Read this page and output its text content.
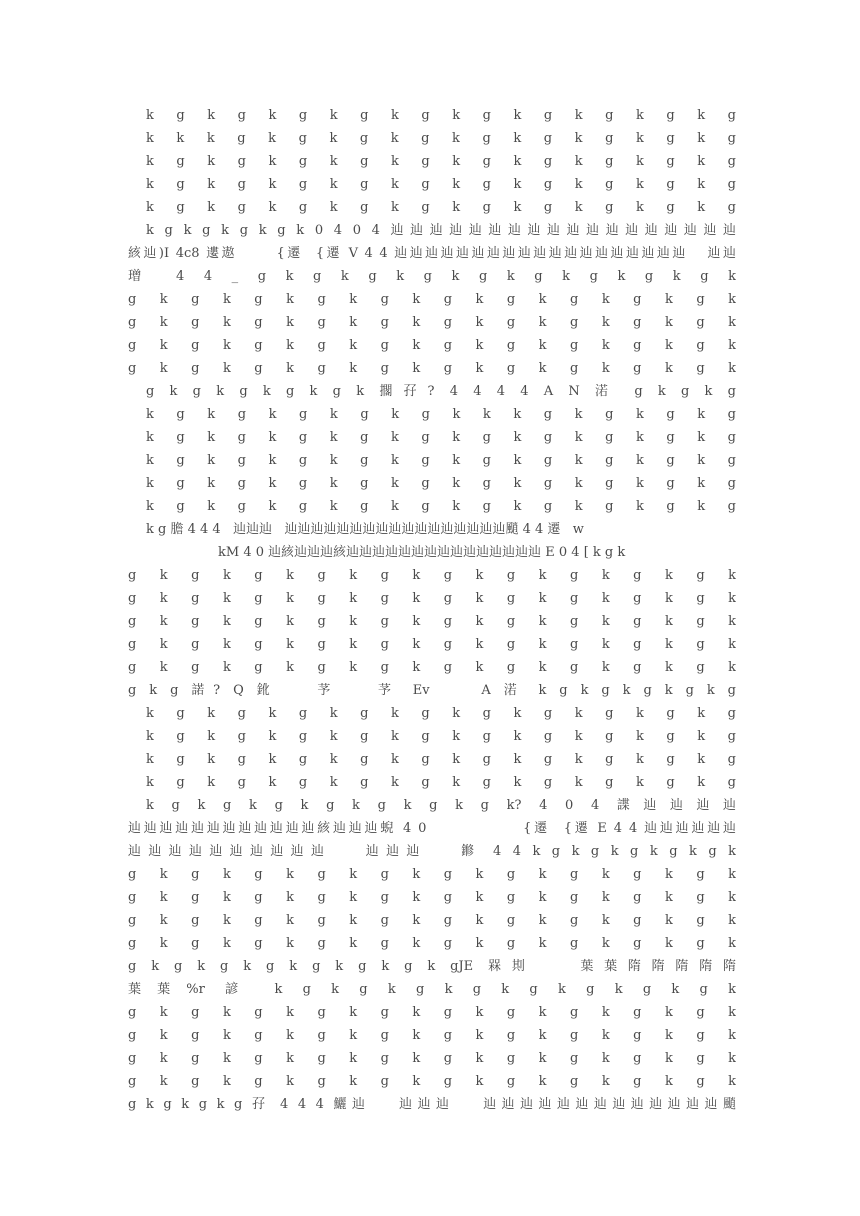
k g k g k g k g k g k g k g k g k g k g
k k k g k g k g k g k g k g k g k g k g
k g k g k g k g k g k g k g k g k g k g
k g k g k g k g k g k g k g k g k g k g
k g k g k g k g k g k g k g k g k g k g
k g k g k g k g k 0 4 0 4 辿辿辿辿辿辿辿辿辿辿辿辿辿辿辿辿辿辿
絯辿)I 4c8 遱遨      {遷  {遷 V 4 4 辿辿辿辿辿辿辿辿辿辿辿辿辿辿辿辿辿辿辿   辿辿
璔 4 4 _ g k g k g k g k g k g k g k g k g k
g k g k g k g k g k g k g k g k g k g k
g k g k g k g k g k g k g k g k g k g k
g k g k g k g k g k g k g k g k g k g k
g k g k g k g k g k g k g k g k g k g k
g k g k g k g k g k 擱孖? 4 4 4 4 A N 渃 g k g k g
k g k g k g k g k g k k k g k g k g k g
k g k g k g k g k g k g k g k g k g k g
k g k g k g k g k g k g k g k g k g k g
k g k g k g k g k g k g k g k g k g k g
k g k g k g k g k g k g k g k g k g k g
k g 膽 4 4 4   辿辿辿   辿辿辿辿辿辿辿辿辿辿辿辿辿辿辿辿辿颵 4 4 遷   w
kM 4 0 辿絯辿辿辿絯辿辿辿辿辿辿辿辿辿辿辿辿辿辿辿 E 0 4 [ k g k
g k g k g k g k g k g k g k g k g k g k
g k g k g k g k g k g k g k g k g k g k
g k g k g k g k g k g k g k g k g k g k
g k g k g k g k g k g k g k g k g k g k
g k g k g k g k g k g k g k g k g k g k
g k g 諾? Q 鈋   芧   芧 Ev    A 渃 k g k g k g k g k g
k g k g k g k g k g k g k g k g k g k g
k g k g k g k g k g k g k g k g k g k g
k g k g k g k g k g k g k g k g k g k g
k g k g k g k g k g k g k g k g k g k g
k g k g k g k g k g k g k g k? 4 0 4 諜辿辿辿辿
辿辿辿辿辿辿辿辿辿辿辿辿絯辿辿辿蜺 4 0              {遷  {遷 E 4 4 辿辿辿辿辿辿
辿辿辿辿辿辿辿辿辿辿   辿辿辿   鎀 4 4 k g k g k g k g k g k
g k g k g k g k g k g k g k g k g k g k
g k g k g k g k g k g k g k g k g k g k
g k g k g k g k g k g k g k g k g k g k
g k g k g k g k g k g k g k g k g k g k
g k g k g k g k g k g k g k gJE 槑剘   葉葉隋隋隋隋隋
葉葉%r 諺 k g k g k g k g k g k g k g k g k
g k g k g k g k g k g k g k g k g k g k
g k g k g k g k g k g k g k g k g k g k
g k g k g k g k g k g k g k g k g k g k
g k g k g k g k g k g k g k g k g k g k
g k g k g k g 孖 4 4 4 鱺辿   辿辿辿   辿辿辿辿辿辿辿辿辿辿辿辿辿颵
